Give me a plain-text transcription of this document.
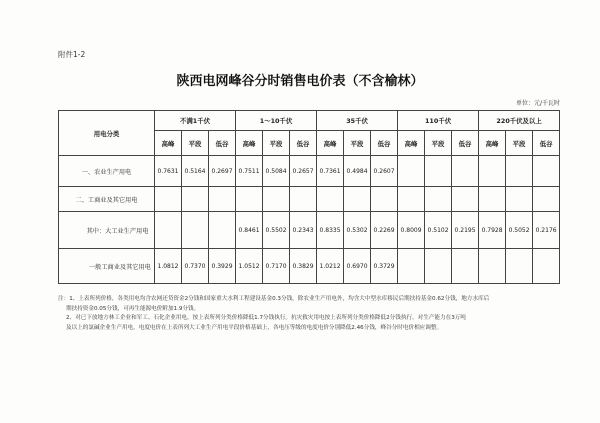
附件1-2
陕西电网峰谷分时销售电价表（不含榆林）
单位：元/千瓦时
用电分类	不满1千伏			1～10千伏			35千伏			110千伏			220千伏及以上		
	高峰	平段	低谷	高峰	平段	低谷	高峰	平段	低谷	高峰	平段	低谷	高峰	平段	低谷
一、农业生产用电	0.7631	0.5164	0.2697	0.7511	0.5084	0.2657	0.7361	0.4984	0.2607						
二、工商业及其它用电															
其中：大工业生产用电				0.8461	0.5502	0.2343	0.8335	0.5302	0.2269	0.8009	0.5102	0.2195	0.7928	0.5052	0.2176
一般工商业及其它用电	1.0812	0.7370	0.3929	1.0512	0.7170	0.3829	1.0212	0.6970	0.3729						
注：1、上表所列价格，各类用电均含农网还贷资金2分钱和国家重大水利工程建设基金0.3分钱，除农业生产用电外，均含大中型水库移民后期扶持基金0.62分钱，地方水库后
期扶持资金0.05分钱，可再生能源电价附加1.9分钱。
2、对已下放地方林工企业和军工、石化企业用电，按上表所列分类价格降低1.7分钱执行。抗灾救灾用电按上表所列分类价格降低2分钱执行。对生产能力在3万吨
及以上的氯碱企业生产用电，电度电价在上表所列大工业生产用电平段价格基础上，各电压等级的电度电价分别降低2.46分钱，峰谷分时电价相应调整。
